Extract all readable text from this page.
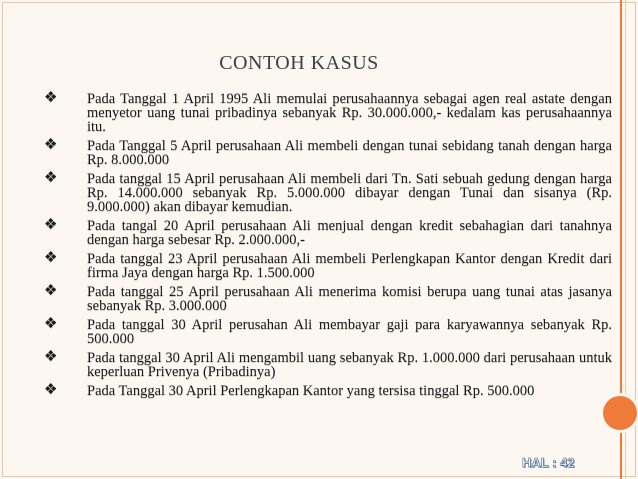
CONTOH KASUS
❖ Pada Tanggal 1 April 1995 Ali memulai perusahaannya sebagai agen real astate dengan menyetor uang tunai pribadinya sebanyak Rp. 30.000.000,- kedalam kas perusahaannya itu.
❖ Pada Tanggal 5 April perusahaan Ali membeli dengan tunai sebidang tanah dengan harga Rp. 8.000.000
❖ Pada tanggal 15 April perusahaan Ali membeli dari Tn. Sati sebuah gedung dengan harga Rp. 14.000.000 sebanyak Rp. 5.000.000 dibayar dengan Tunai dan sisanya (Rp. 9.000.000) akan dibayar kemudian.
❖ Pada tangal 20 April perusahaan Ali menjual dengan kredit sebahagian dari tanahnya dengan harga sebesar Rp. 2.000.000,-
❖ Pada tanggal 23 April perusahaan Ali membeli Perlengkapan Kantor dengan Kredit dari firma Jaya dengan harga Rp. 1.500.000
❖ Pada tanggal 25 April perusahaan Ali menerima komisi berupa uang tunai atas jasanya sebanyak Rp. 3.000.000
❖ Pada tanggal 30 April perusahan Ali membayar gaji para karyawannya sebanyak Rp. 500.000
❖ Pada tanggal 30 April Ali mengambil uang sebanyak Rp. 1.000.000 dari perusahaan untuk keperluan Privenya (Pribadinya)
❖ Pada Tanggal 30 April Perlengkapan Kantor yang tersisa tinggal Rp. 500.000
HAL : 42
